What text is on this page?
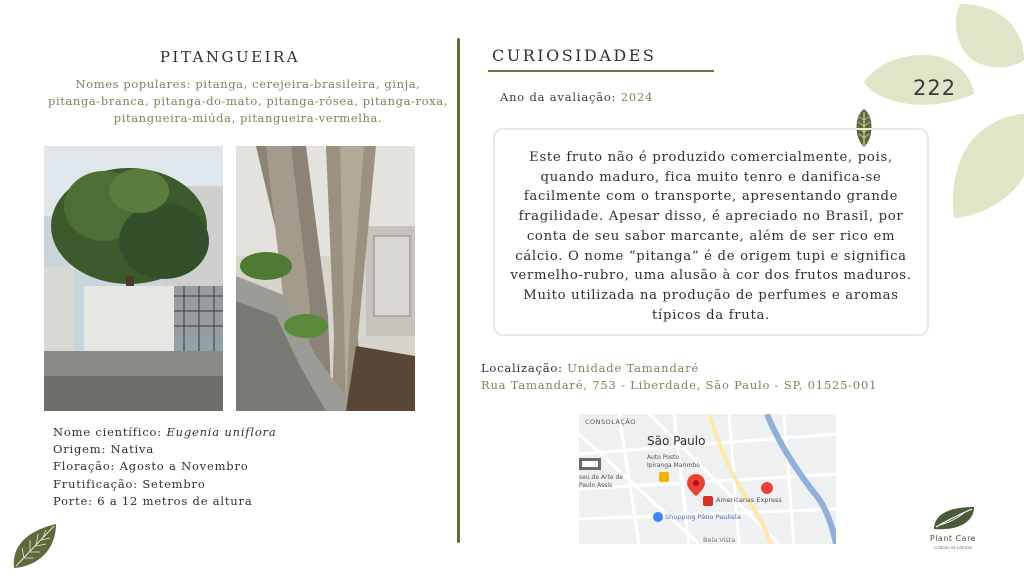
222
PITANGUEIRA
Nomes populares: pitanga, cerejeira-brasileira, ginja, pitanga-branca, pitanga-do-mato, pitanga-rósea, pitanga-roxa, pitangueira-miúda, pitangueira-vermelha.
Nome científico: Eugenia uniflora
Origem: Nativa
Floração: Agosto a Novembro
Frutificação: Setembro
Porte: 6 a 12 metros de altura
CURIOSIDADES
Ano da avaliação: 2024

Este fruto não é produzido comercialmente, pois, quando maduro, fica muito tenro e danifica-se facilmente com o transporte, apresentando grande fragilidade. Apesar disso, é apreciado no Brasil, por conta de seu sabor marcante, além de ser rico em cálcio. O nome “pitanga” é de origem tupi e significa vermelho-rubro, uma alusão à cor dos frutos maduros. Muito utilizada na produção de perfumes e aromas típicos da fruta.

Localização: Unidade Tamandaré
Rua Tamandaré, 753 - Liberdade, São Paulo - SP, 01525-001
CONSOLAÇÃO
São Paulo
Auto Posto
Ipiranga Marimbo
seu de Arte de
Paulo Assis
Americanas Express
Shopping Pátio Paulista
Bela Vista	Plant Care
cuidado de plantas
